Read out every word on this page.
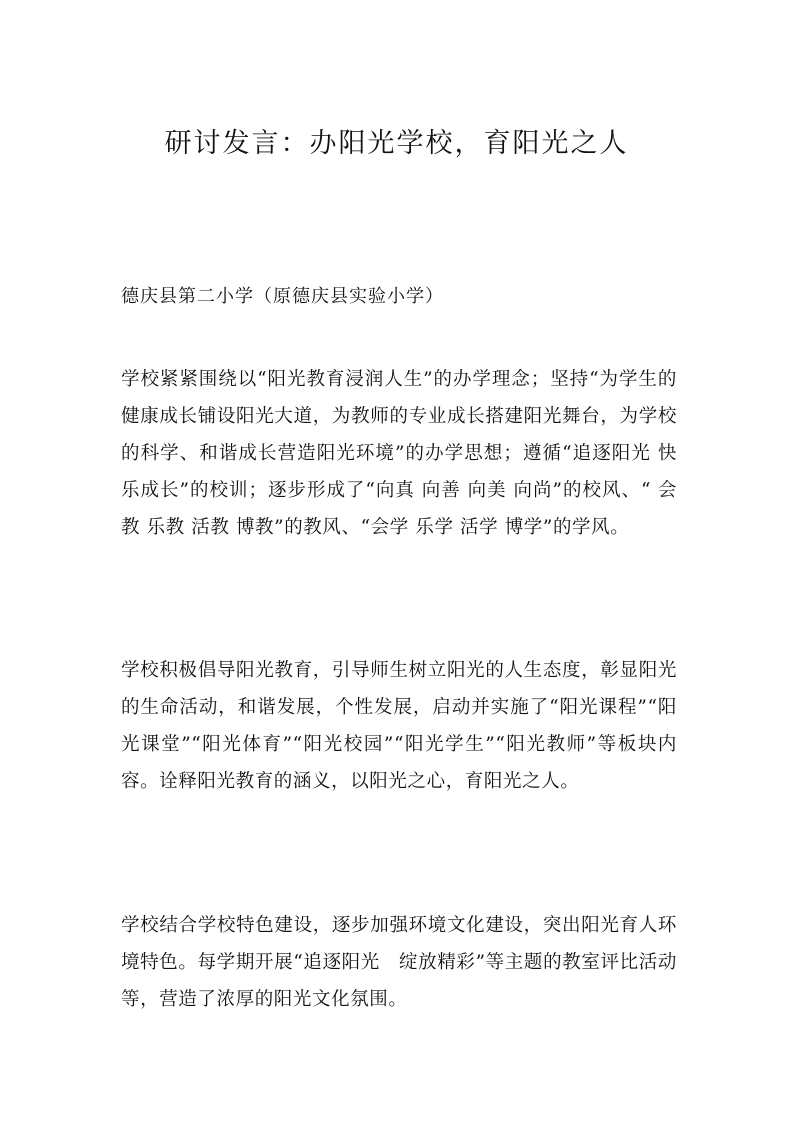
研讨发言：办阳光学校，育阳光之人
德庆县第二小学（原德庆县实验小学）

学校紧紧围绕以“阳光教育浸润人生”的办学理念；坚持“为学生的健康成长铺设阳光大道，为教师的专业成长搭建阳光舞台，为学校的科学、和谐成长营造阳光环境”的办学思想；遵循“追逐阳光 快乐成长”的校训；逐步形成了“向真 向善 向美 向尚”的校风、“ 会教 乐教 活教 博教”的教风、“会学 乐学 活学 博学”的学风。

学校积极倡导阳光教育，引导师生树立阳光的人生态度，彰显阳光的生命活动，和谐发展，个性发展，启动并实施了“阳光课程”“阳光课堂”“阳光体育”“阳光校园”“阳光学生”“阳光教师”等板块内容。诠释阳光教育的涵义，以阳光之心，育阳光之人。

学校结合学校特色建设，逐步加强环境文化建设，突出阳光育人环境特色。每学期开展“追逐阳光　绽放精彩”等主题的教室评比活动等，营造了浓厚的阳光文化氛围。
